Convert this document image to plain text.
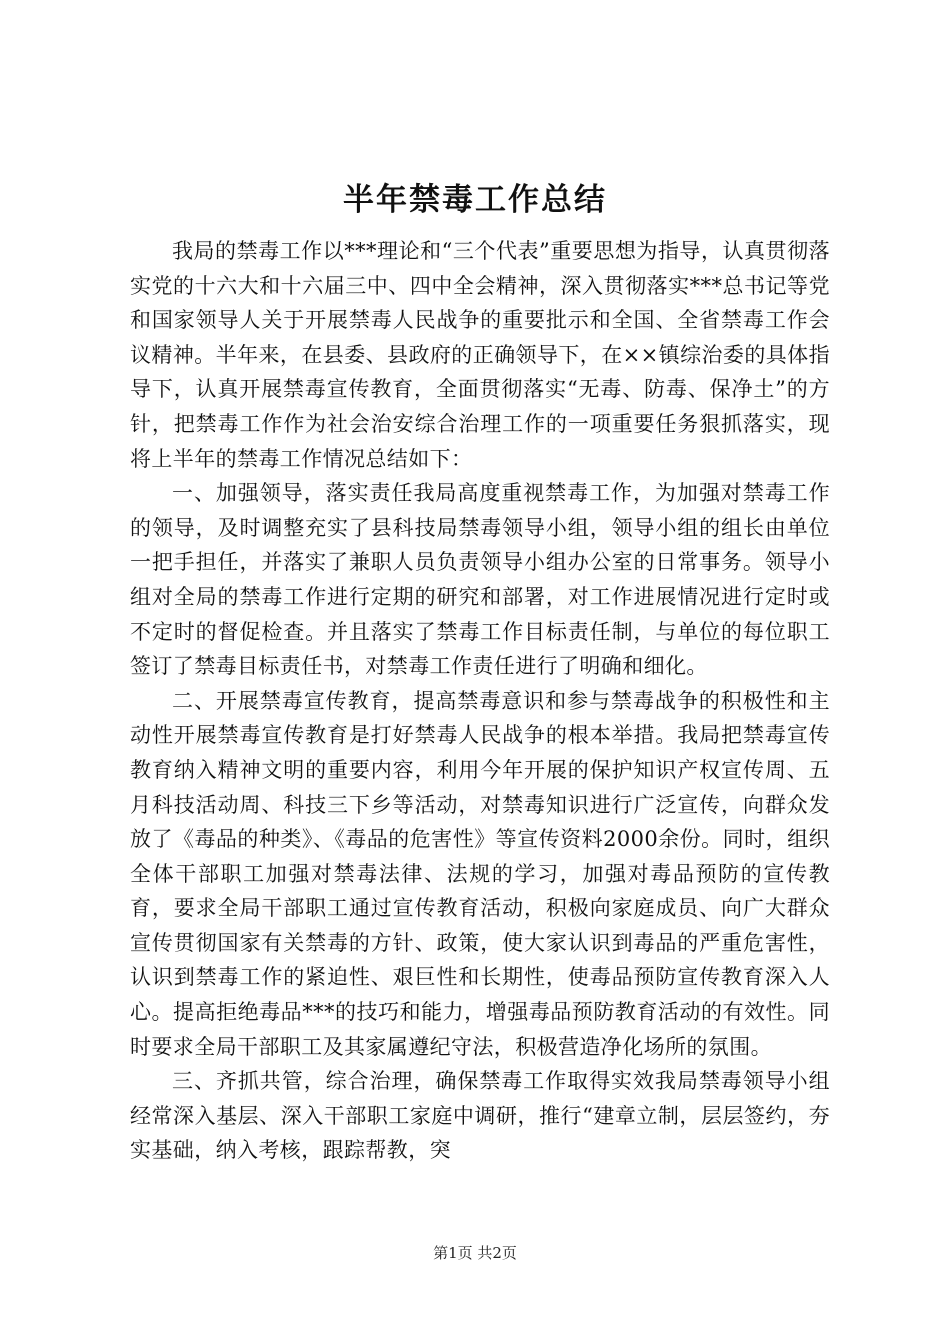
半年禁毒工作总结

我局的禁毒工作以***理论和“三个代表”重要思想为指导，认真贯彻落实党的十六大和十六届三中、四中全会精神，深入贯彻落实***总书记等党和国家领导人关于开展禁毒人民战争的重要批示和全国、全省禁毒工作会议精神。半年来，在县委、县政府的正确领导下，在××镇综治委的具体指导下，认真开展禁毒宣传教育，全面贯彻落实“无毒、防毒、保净土”的方针，把禁毒工作作为社会治安综合治理工作的一项重要任务狠抓落实，现将上半年的禁毒工作情况总结如下：

一、加强领导，落实责任我局高度重视禁毒工作，为加强对禁毒工作的领导，及时调整充实了县科技局禁毒领导小组，领导小组的组长由单位一把手担任，并落实了兼职人员负责领导小组办公室的日常事务。领导小组对全局的禁毒工作进行定期的研究和部署，对工作进展情况进行定时或不定时的督促检查。并且落实了禁毒工作目标责任制，与单位的每位职工签订了禁毒目标责任书，对禁毒工作责任进行了明确和细化。

二、开展禁毒宣传教育，提高禁毒意识和参与禁毒战争的积极性和主动性开展禁毒宣传教育是打好禁毒人民战争的根本举措。我局把禁毒宣传教育纳入精神文明的重要内容，利用今年开展的保护知识产权宣传周、五月科技活动周、科技三下乡等活动，对禁毒知识进行广泛宣传，向群众发放了《毒品的种类》、《毒品的危害性》等宣传资料2000余份。同时，组织全体干部职工加强对禁毒法律、法规的学习，加强对毒品预防的宣传教育，要求全局干部职工通过宣传教育活动，积极向家庭成员、向广大群众宣传贯彻国家有关禁毒的方针、政策，使大家认识到毒品的严重危害性，认识到禁毒工作的紧迫性、艰巨性和长期性，使毒品预防宣传教育深入人心。提高拒绝毒品***的技巧和能力，增强毒品预防教育活动的有效性。同时要求全局干部职工及其家属遵纪守法，积极营造净化场所的氛围。

三、齐抓共管，综合治理，确保禁毒工作取得实效我局禁毒领导小组经常深入基层、深入干部职工家庭中调研，推行“建章立制，层层签约，夯实基础，纳入考核，跟踪帮教，突

第1页 共2页
